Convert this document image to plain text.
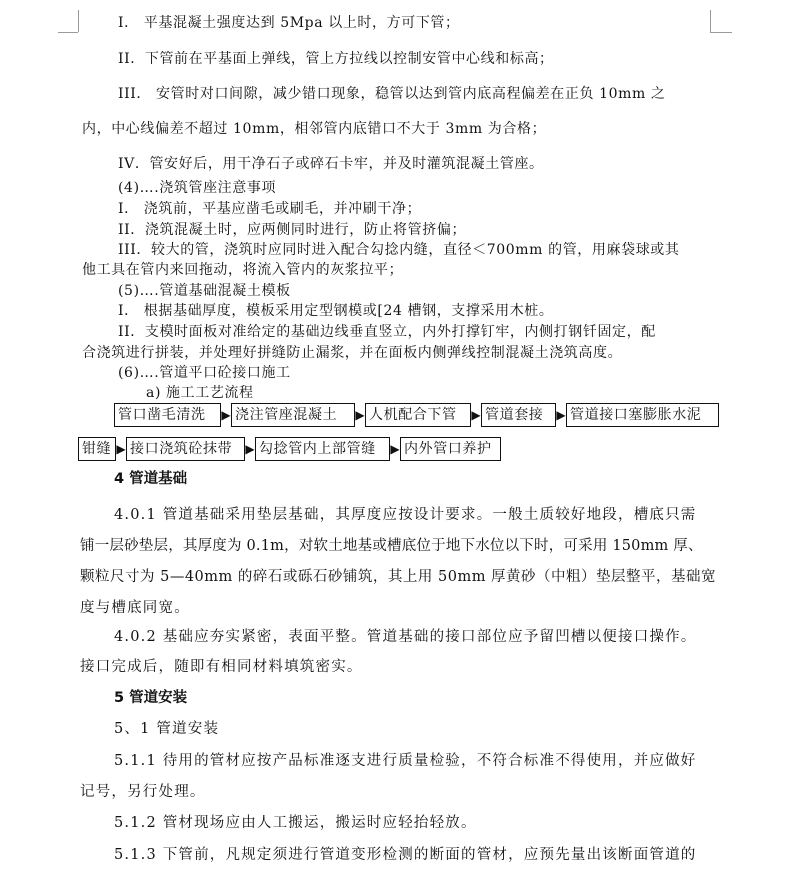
I． 平基混凝土强度达到 5Mpa 以上时，方可下管；
II．下管前在平基面上弹线，管上方拉线以控制安管中心线和标高；
III． 安管时对口间隙，减少错口现象，稳管以达到管内底高程偏差在正负 10mm 之
内，中心线偏差不超过 10mm，相邻管内底错口不大于 3mm 为合格；
IV．管安好后，用干净石子或碎石卡牢，并及时灌筑混凝土管座。
(4)….浇筑管座注意事项
I． 浇筑前，平基应凿毛或刷毛，并冲刷干净；
II．浇筑混凝土时，应两侧同时进行，防止将管挤偏；
III．较大的管，浇筑时应同时进入配合勾捻内缝，直径＜700mm 的管，用麻袋球或其
他工具在管内来回拖动，将流入管内的灰浆拉平；
(5)….管道基础混凝土模板
I． 根据基础厚度，模板采用定型钢模或[24 槽钢，支撑采用木桩。
II．支模时面板对准给定的基础边线垂直竖立，内外打撑钉牢，内侧打钢钎固定，配
合浇筑进行拼装，并处理好拼缝防止漏浆，并在面板内侧弹线控制混凝土浇筑高度。
(6)….管道平口砼接口施工
a) 施工工艺流程
管口凿毛清洗	▶ 浇注管座混凝土	▶ 人机配合下管	▶ 管道套接	▶ 管道接口塞膨胀水泥
钳缝 ▶ 接口浇筑砼抹带	▶ 勾捻管内上部管缝	▶ 内外管口养护
4 管道基础
4.0.1 管道基础采用垫层基础，其厚度应按设计要求。一般土质较好地段，槽底只需
铺一层砂垫层，其厚度为 0.1m，对软土地基或槽底位于地下水位以下时，可采用 150mm 厚、
颗粒尺寸为 5—40mm 的碎石或砾石砂铺筑，其上用 50mm 厚黄砂（中粗）垫层整平，基础宽
度与槽底同宽。
4.0.2 基础应夯实紧密，表面平整。管道基础的接口部位应予留凹槽以便接口操作。
接口完成后，随即有相同材料填筑密实。
5 管道安装
5、1 管道安装
5.1.1 待用的管材应按产品标准逐支进行质量检验，不符合标准不得使用，并应做好
记号，另行处理。
5.1.2 管材现场应由人工搬运，搬运时应轻抬轻放。
5.1.3 下管前，凡规定须进行管道变形检测的断面的管材，应预先量出该断面管道的
